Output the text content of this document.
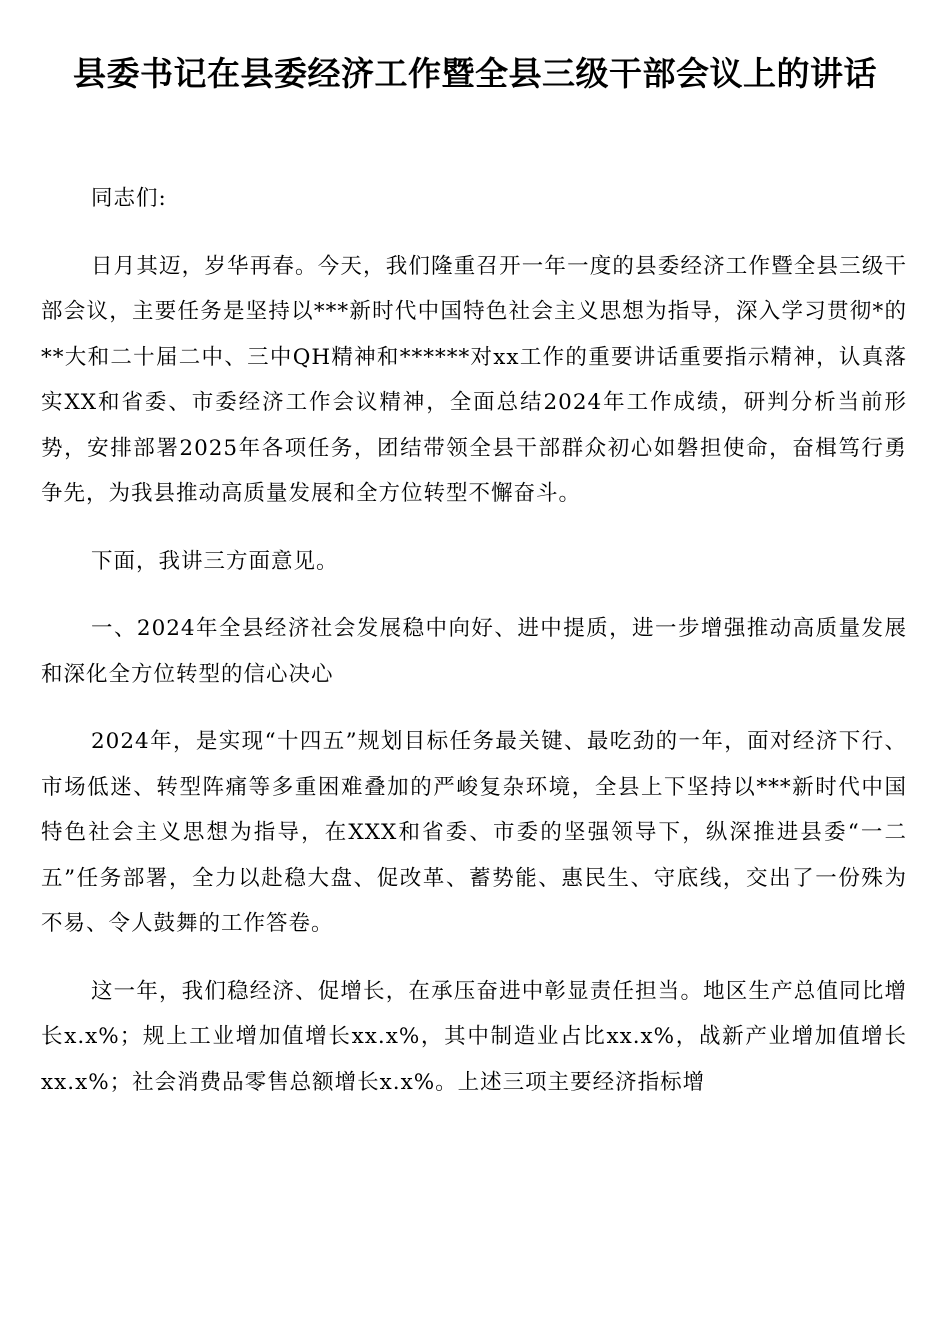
县委书记在县委经济工作暨全县三级干部会议上的讲话

同志们:

日月其迈，岁华再春。今天，我们隆重召开一年一度的县委经济工作暨全县三级干部会议，主要任务是坚持以***新时代中国特色社会主义思想为指导，深入学习贯彻*的**大和二十届二中、三中QH精神和******对xx工作的重要讲话重要指示精神，认真落实XX和省委、市委经济工作会议精神，全面总结2024年工作成绩，研判分析当前形势，安排部署2025年各项任务，团结带领全县干部群众初心如磐担使命，奋楫笃行勇争先，为我县推动高质量发展和全方位转型不懈奋斗。

下面，我讲三方面意见。

一、2024年全县经济社会发展稳中向好、进中提质，进一步增强推动高质量发展和深化全方位转型的信心决心

2024年，是实现“十四五”规划目标任务最关键、最吃劲的一年，面对经济下行、市场低迷、转型阵痛等多重困难叠加的严峻复杂环境，全县上下坚持以***新时代中国特色社会主义思想为指导，在XXX和省委、市委的坚强领导下，纵深推进县委“一二五”任务部署，全力以赴稳大盘、促改革、蓄势能、惠民生、守底线，交出了一份殊为不易、令人鼓舞的工作答卷。

这一年，我们稳经济、促增长，在承压奋进中彰显责任担当。地区生产总值同比增长x.x%；规上工业增加值增长xx.x%，其中制造业占比xx.x%，战新产业增加值增长xx.x%；社会消费品零售总额增长x.x%。上述三项主要经济指标增
